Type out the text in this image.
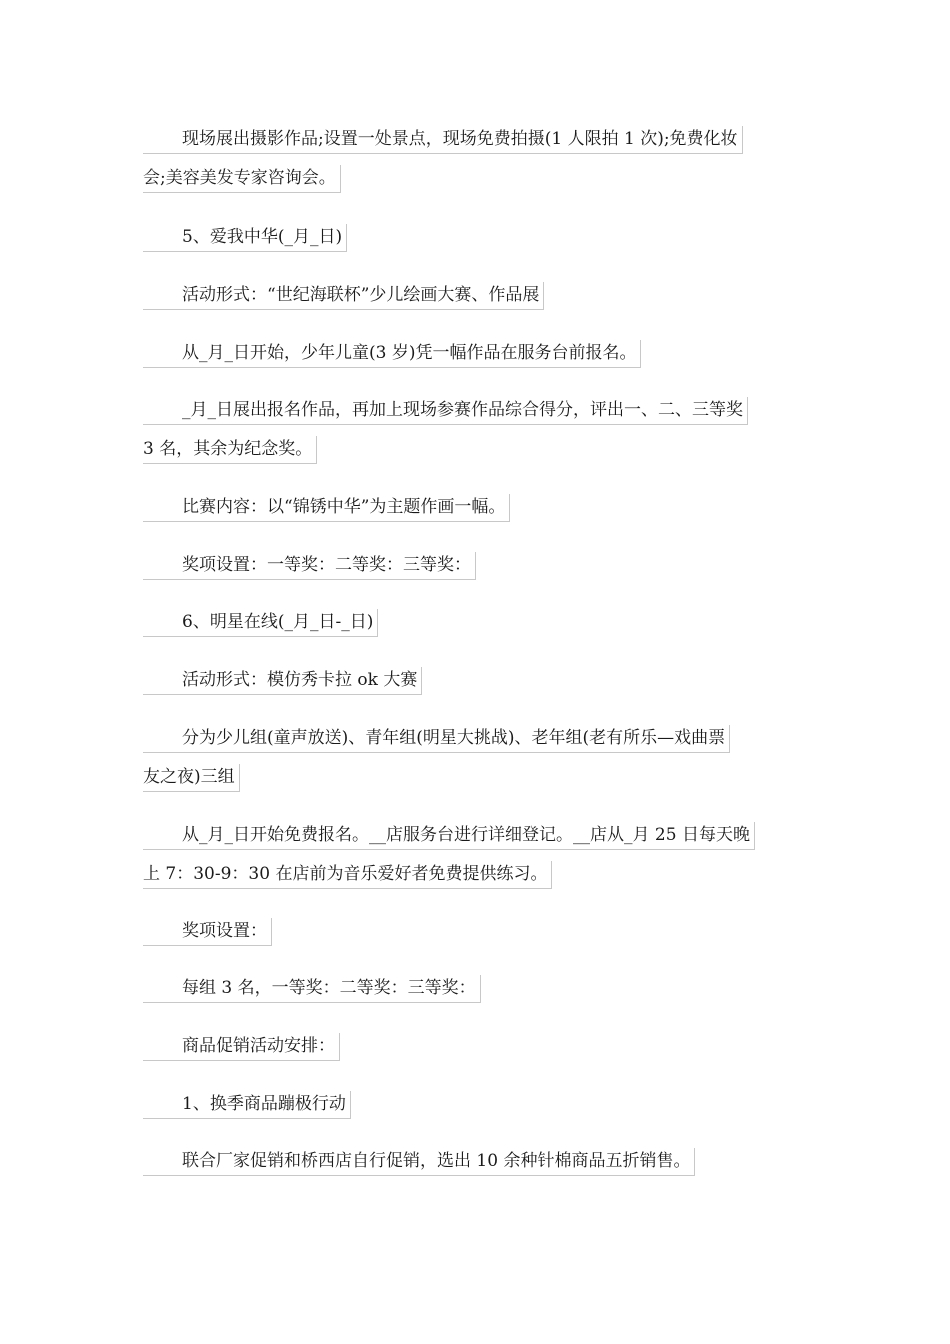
现场展出摄影作品;设置一处景点，现场免费拍摄(1 人限拍 1 次);免费化妆
会;美容美发专家咨询会。
5、爱我中华(_月_日)
活动形式：“世纪海联杯”少儿绘画大赛、作品展
从_月_日开始，少年儿童(3 岁)凭一幅作品在服务台前报名。
_月_日展出报名作品，再加上现场参赛作品综合得分，评出一、二、三等奖
3 名，其余为纪念奖。
比赛内容：以“锦锈中华”为主题作画一幅。
奖项设置：一等奖：二等奖：三等奖：
6、明星在线(_月_日-_日)
活动形式：模仿秀卡拉 ok 大赛
分为少儿组(童声放送)、青年组(明星大挑战)、老年组(老有所乐—戏曲票
友之夜)三组
从_月_日开始免费报名。__店服务台进行详细登记。__店从_月 25 日每天晚
上 7：30-9：30 在店前为音乐爱好者免费提供练习。
奖项设置：
每组 3 名，一等奖：二等奖：三等奖：
商品促销活动安排：
1、换季商品蹦极行动
联合厂家促销和桥西店自行促销，选出 10 余种针棉商品五折销售。
